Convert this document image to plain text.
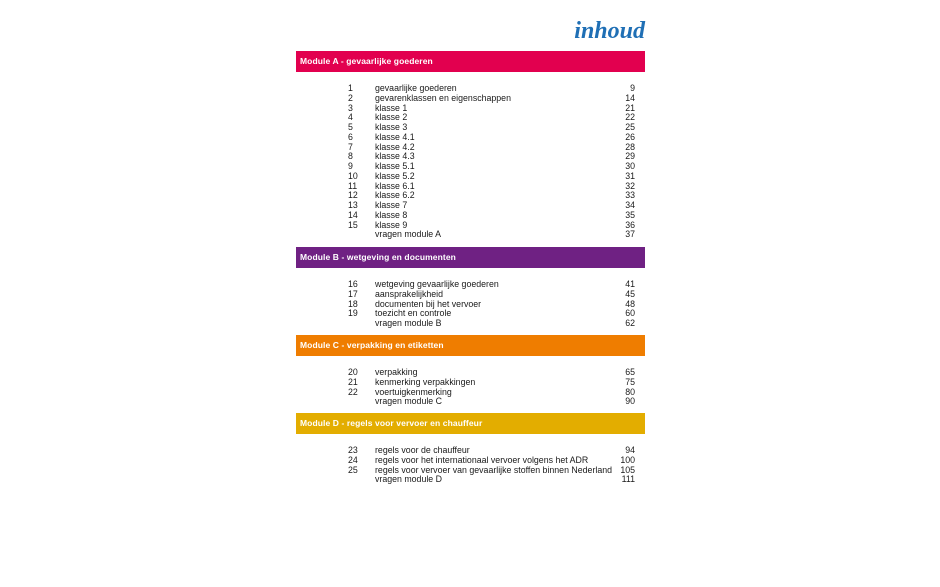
inhoud
Module A - gevaarlijke goederen
1	gevaarlijke goederen	9
2	gevarenklassen en eigenschappen	14
3	klasse 1	21
4	klasse 2	22
5	klasse 3	25
6	klasse 4.1	26
7	klasse 4.2	28
8	klasse 4.3	29
9	klasse 5.1	30
10	klasse 5.2	31
11	klasse 6.1	32
12	klasse 6.2	33
13	klasse 7	34
14	klasse 8	35
15	klasse 9	36
vragen module A	37
Module B - wetgeving en documenten
16	wetgeving gevaarlijke goederen	41
17	aansprakelijkheid	45
18	documenten bij het vervoer	48
19	toezicht en controle	60
vragen module B	62
Module C - verpakking en etiketten
20	verpakking	65
21	kenmerking verpakkingen	75
22	voertuigkenmerking	80
vragen module C	90
Module D - regels voor vervoer en chauffeur
23	regels voor de chauffeur	94
24	regels voor het internationaal vervoer volgens het ADR	100
25	regels voor vervoer van gevaarlijke stoffen binnen Nederland 105
vragen module D	111
